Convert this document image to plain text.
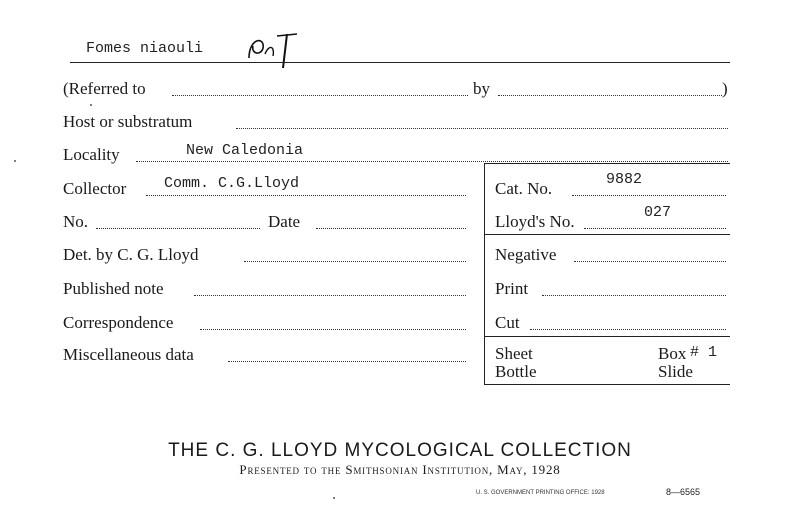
Fomes niaouli
(Referred to	by	)
Host or substratum
Locality	New Caledonia
Collector	Comm. C.G.Lloyd	Cat. No.	9882
No.	Date	Lloyd's No.	027
Det. by C. G. Lloyd	Negative
Published note	Print
Correspondence	Cut
Miscellaneous data	Sheet	Box # 1
Bottle	Slide
THE C. G. LLOYD MYCOLOGICAL COLLECTION
Presented to the Smithsonian Institution, May, 1928
U. S. GOVERNMENT PRINTING OFFICE: 1928	8—6565
